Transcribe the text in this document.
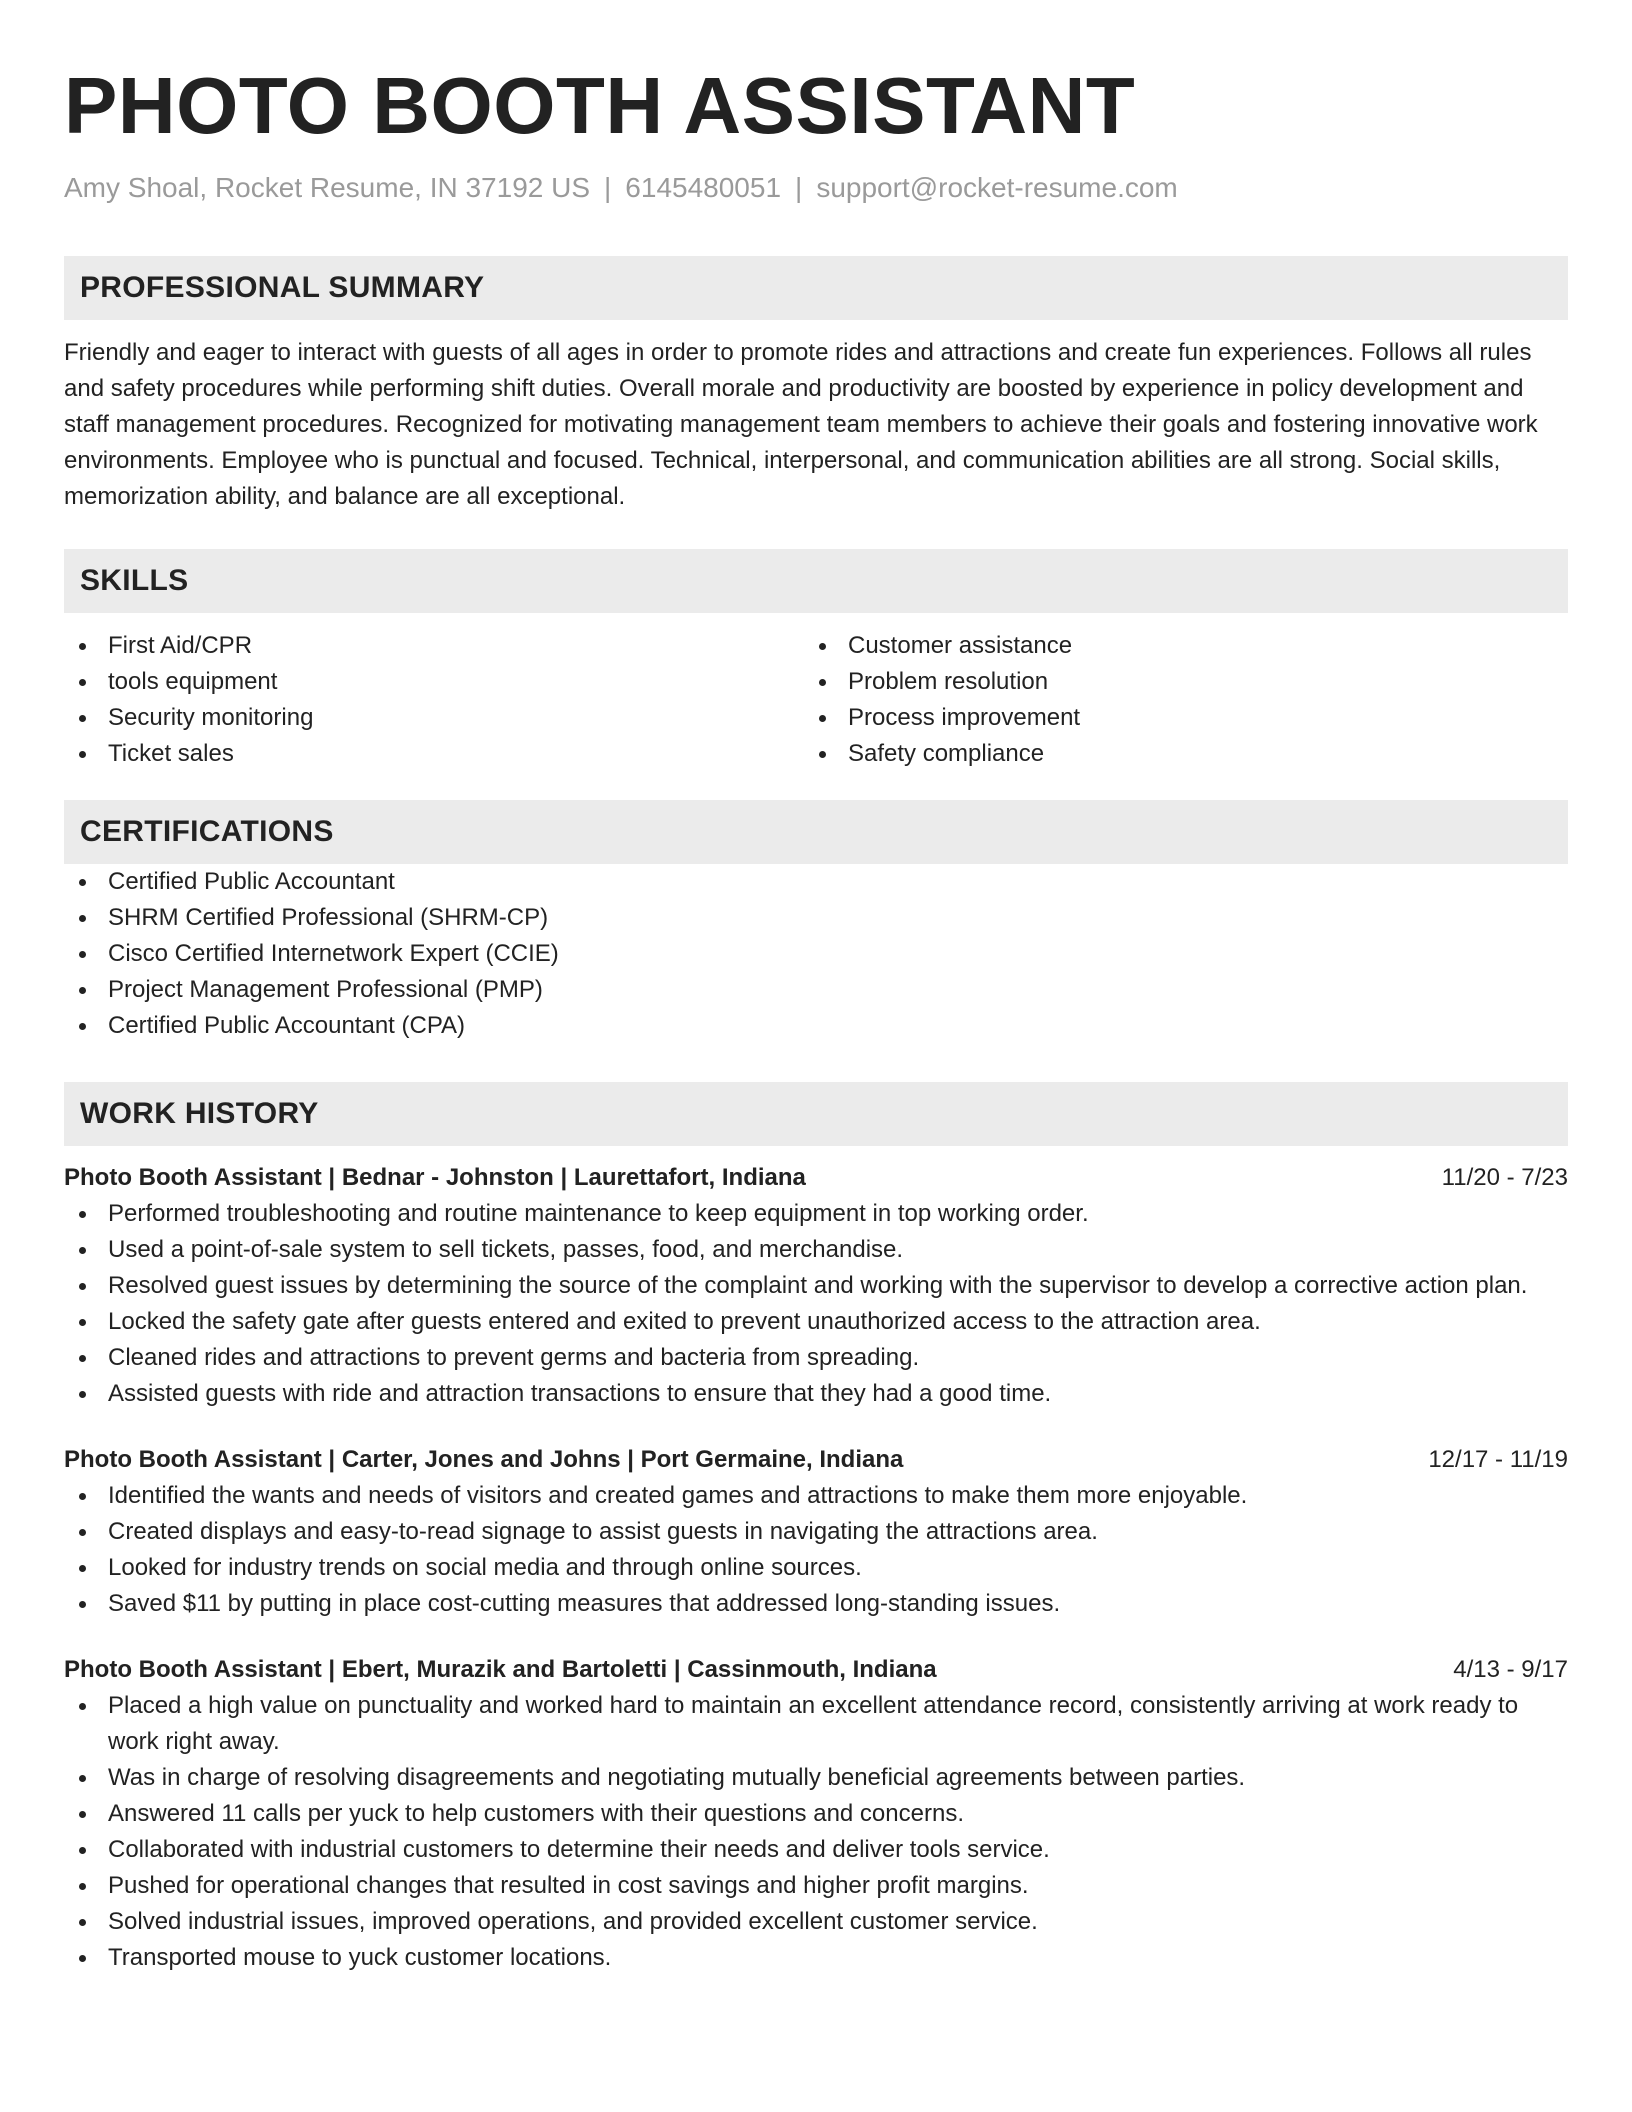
PHOTO BOOTH ASSISTANT
Amy Shoal, Rocket Resume, IN 37192 US | 6145480051 | support@rocket-resume.com
PROFESSIONAL SUMMARY

Friendly and eager to interact with guests of all ages in order to promote rides and attractions and create fun experiences. Follows all rules and safety procedures while performing shift duties. Overall morale and productivity are boosted by experience in policy development and staff management procedures. Recognized for motivating management team members to achieve their goals and fostering innovative work environments. Employee who is punctual and focused. Technical, interpersonal, and communication abilities are all strong. Social skills, memorization ability, and balance are all exceptional.

SKILLS
First Aid/CPR
tools equipment
Security monitoring
Ticket sales
Customer assistance
Problem resolution
Process improvement
Safety compliance
CERTIFICATIONS
Certified Public Accountant
SHRM Certified Professional (SHRM-CP)
Cisco Certified Internetwork Expert (CCIE)
Project Management Professional (PMP)
Certified Public Accountant (CPA)
WORK HISTORY
Photo Booth Assistant | Bednar - Johnston | Laurettafort, Indiana	11/20 - 7/23
Performed troubleshooting and routine maintenance to keep equipment in top working order.
Used a point-of-sale system to sell tickets, passes, food, and merchandise.
Resolved guest issues by determining the source of the complaint and working with the supervisor to develop a corrective action plan.
Locked the safety gate after guests entered and exited to prevent unauthorized access to the attraction area.
Cleaned rides and attractions to prevent germs and bacteria from spreading.
Assisted guests with ride and attraction transactions to ensure that they had a good time.
Photo Booth Assistant | Carter, Jones and Johns | Port Germaine, Indiana	12/17 - 11/19
Identified the wants and needs of visitors and created games and attractions to make them more enjoyable.
Created displays and easy-to-read signage to assist guests in navigating the attractions area.
Looked for industry trends on social media and through online sources.
Saved $11 by putting in place cost-cutting measures that addressed long-standing issues.
Photo Booth Assistant | Ebert, Murazik and Bartoletti | Cassinmouth, Indiana	4/13 - 9/17
Placed a high value on punctuality and worked hard to maintain an excellent attendance record, consistently arriving at work ready to work right away.
Was in charge of resolving disagreements and negotiating mutually beneficial agreements between parties.
Answered 11 calls per yuck to help customers with their questions and concerns.
Collaborated with industrial customers to determine their needs and deliver tools service.
Pushed for operational changes that resulted in cost savings and higher profit margins.
Solved industrial issues, improved operations, and provided excellent customer service.
Transported mouse to yuck customer locations.
